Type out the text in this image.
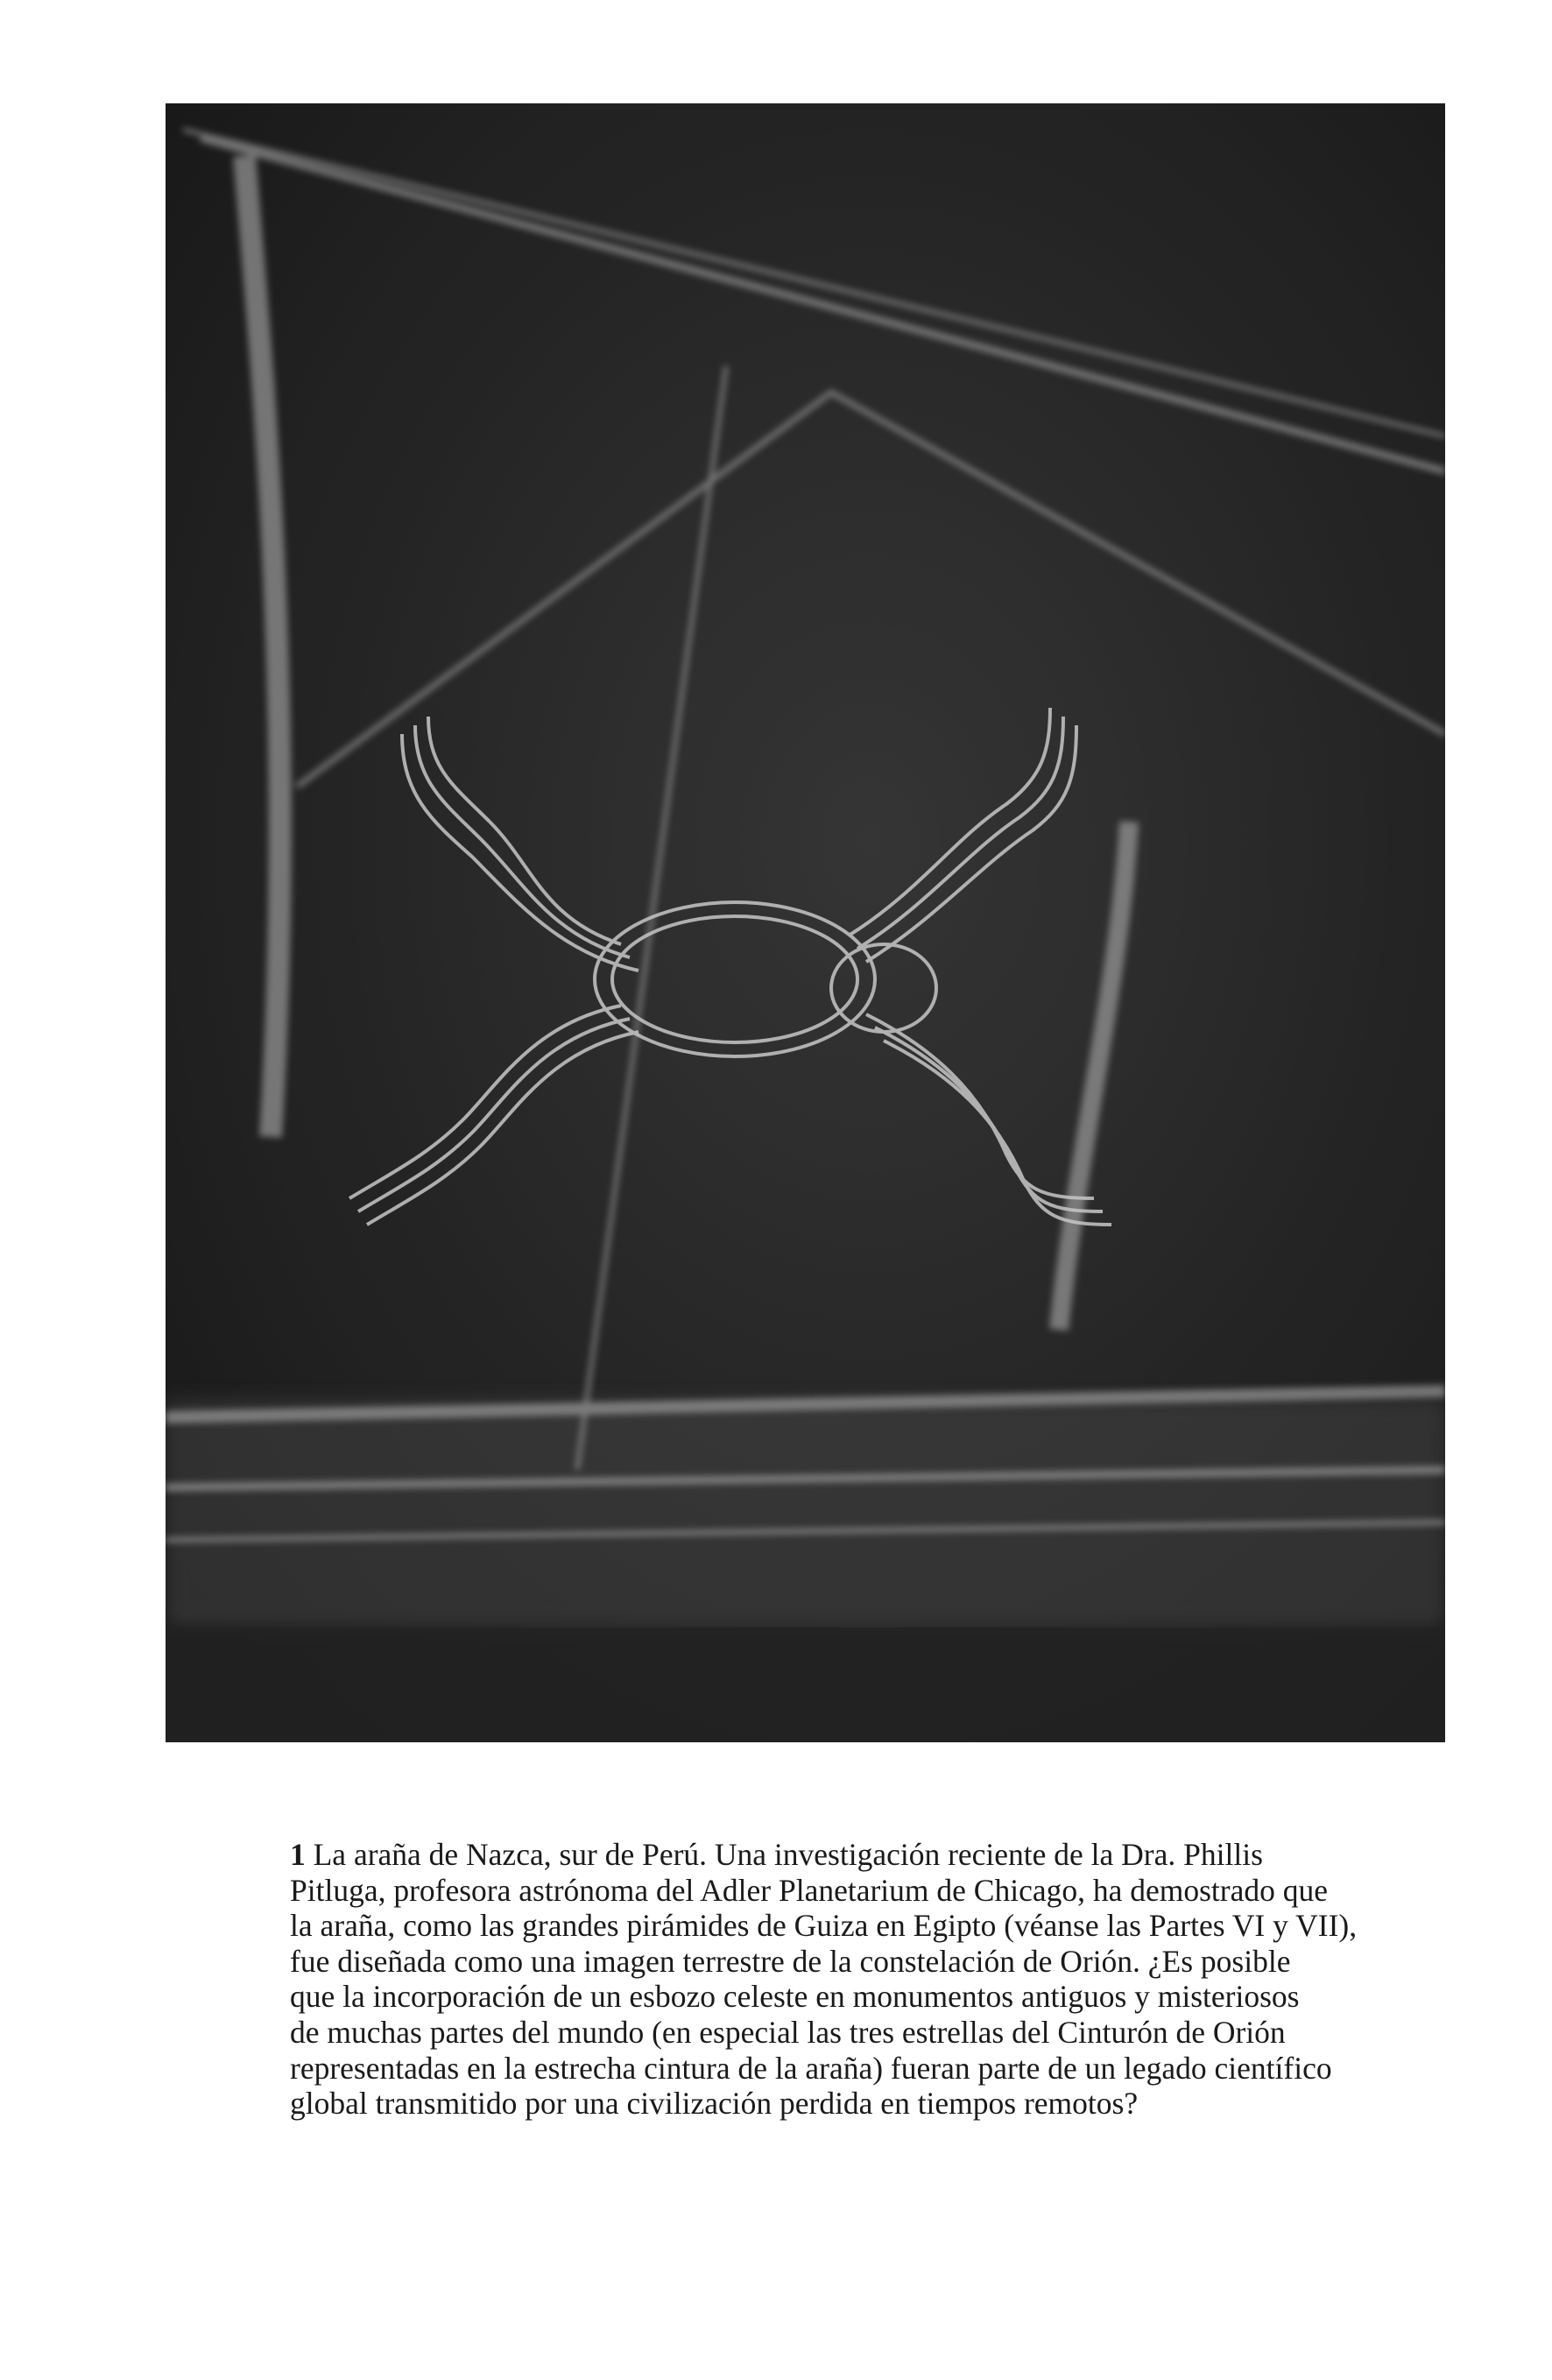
1 La araña de Nazca, sur de Perú. Una investigación reciente de la Dra. Phillis
Pitluga, profesora astrónoma del Adler Planetarium de Chicago, ha demostrado que
la araña, como las grandes pirámides de Guiza en Egipto (véanse las Partes VI y VII),
fue diseñada como una imagen terrestre de la constelación de Orión. ¿Es posible
que la incorporación de un esbozo celeste en monumentos antiguos y misteriosos
de muchas partes del mundo (en especial las tres estrellas del Cinturón de Orión
representadas en la estrecha cintura de la araña) fueran parte de un legado científico
global transmitido por una civilización perdida en tiempos remotos?
